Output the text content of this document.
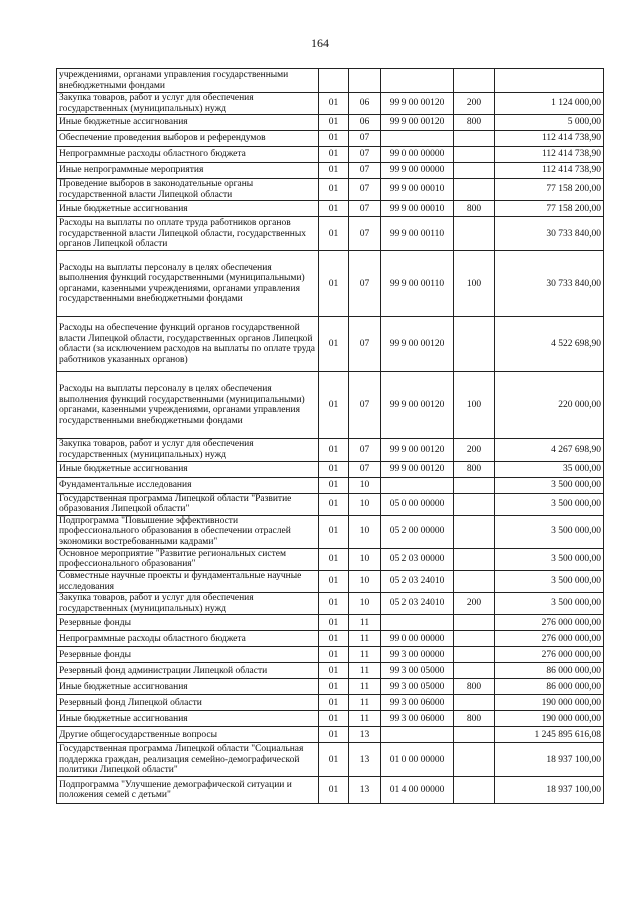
164
учреждениями, органами управления государственными внебюджетными фондами					
Закупка товаров, работ и услуг для обеспечения государственных (муниципальных) нужд	01	06	99 9 00 00120	200	1 124 000,00
Иные бюджетные ассигнования	01	06	99 9 00 00120	800	5 000,00
Обеспечение проведения выборов и референдумов	01	07			112 414 738,90
Непрограммные расходы областного бюджета	01	07	99 0 00 00000		112 414 738,90
Иные непрограммные мероприятия	01	07	99 9 00 00000		112 414 738,90
Проведение выборов в законодательные органы государственной власти Липецкой области	01	07	99 9 00 00010		77 158 200,00
Иные бюджетные ассигнования	01	07	99 9 00 00010	800	77 158 200,00
Расходы на выплаты по оплате труда работников органов государственной власти Липецкой области, государственных органов Липецкой области	01	07	99 9 00 00110		30 733 840,00
Расходы на выплаты персоналу в целях обеспечения выполнения функций государственными (муниципальными) органами, казенными учреждениями, органами управления государственными внебюджетными фондами	01	07	99 9 00 00110	100	30 733 840,00
Расходы на обеспечение функций органов государственной власти Липецкой области, государственных органов Липецкой области (за исключением расходов на выплаты по оплате труда работников указанных органов)	01	07	99 9 00 00120		4 522 698,90
Расходы на выплаты персоналу в целях обеспечения выполнения функций государственными (муниципальными) органами, казенными учреждениями, органами управления государственными внебюджетными фондами	01	07	99 9 00 00120	100	220 000,00
Закупка товаров, работ и услуг для обеспечения государственных (муниципальных) нужд	01	07	99 9 00 00120	200	4 267 698,90
Иные бюджетные ассигнования	01	07	99 9 00 00120	800	35 000,00
Фундаментальные исследования	01	10			3 500 000,00
Государственная программа Липецкой области "Развитие образования Липецкой области"	01	10	05 0 00 00000		3 500 000,00
Подпрограмма "Повышение эффективности профессионального образования в обеспечении отраслей экономики востребованными кадрами"	01	10	05 2 00 00000		3 500 000,00
Основное мероприятие "Развитие региональных систем профессионального образования"	01	10	05 2 03 00000		3 500 000,00
Совместные научные проекты и фундаментальные научные исследования	01	10	05 2 03 24010		3 500 000,00
Закупка товаров, работ и услуг для обеспечения государственных (муниципальных) нужд	01	10	05 2 03 24010	200	3 500 000,00
Резервные фонды	01	11			276 000 000,00
Непрограммные расходы областного бюджета	01	11	99 0 00 00000		276 000 000,00
Резервные фонды	01	11	99 3 00 00000		276 000 000,00
Резервный фонд администрации Липецкой области	01	11	99 3 00 05000		86 000 000,00
Иные бюджетные ассигнования	01	11	99 3 00 05000	800	86 000 000,00
Резервный фонд Липецкой области	01	11	99 3 00 06000		190 000 000,00
Иные бюджетные ассигнования	01	11	99 3 00 06000	800	190 000 000,00
Другие общегосударственные вопросы	01	13			1 245 895 616,08
Государственная программа Липецкой области "Социальная поддержка граждан, реализация семейно-демографической политики Липецкой области"	01	13	01 0 00 00000		18 937 100,00
Подпрограмма "Улучшение демографической ситуации и положения семей с детьми"	01	13	01 4 00 00000		18 937 100,00
